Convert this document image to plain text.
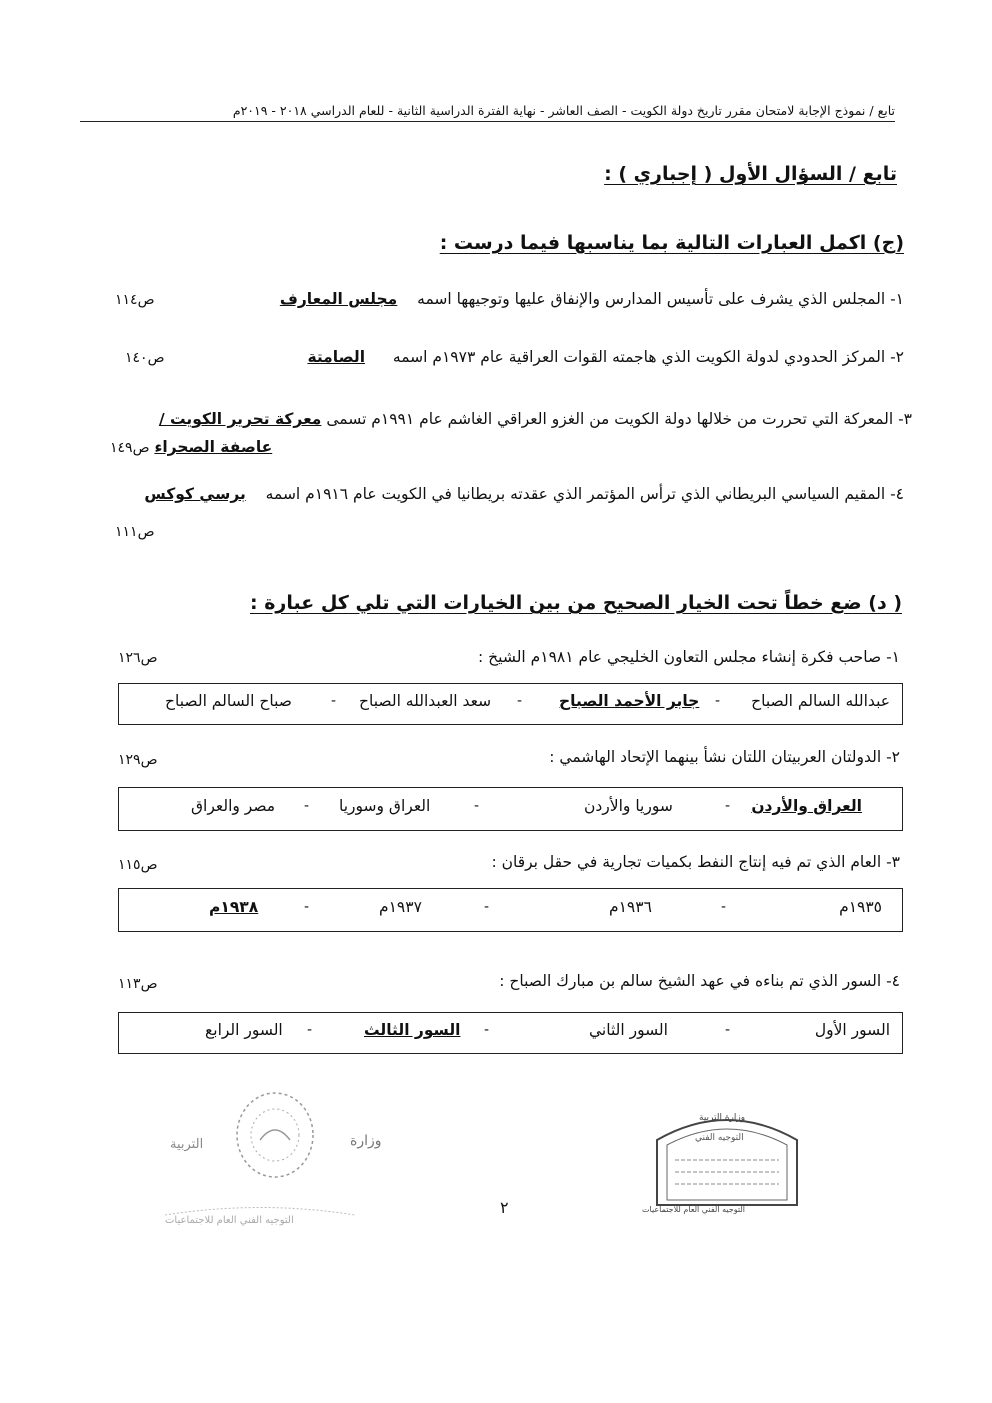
تابع / نموذج الإجابة لامتحان مقرر تاريخ دولة الكويت - الصف العاشر - نهاية الفترة الدراسية الثانية - للعام الدراسي ٢٠١٨ - ٢٠١٩م
تابع / السؤال الأول ( إجباري ) :
(ج) اكمل العبارات التالية بما يناسبها فيما درست :
١- المجلس الذي يشرف على تأسيس المدارس والإنفاق عليها وتوجيهها اسمه  مجلس المعارف
ص١١٤
٢- المركز الحدودي لدولة الكويت الذي هاجمته القوات العراقية عام ١٩٧٣م اسمه  الصامتة
ص١٤٠
٣- المعركة التي تحررت من خلالها دولة الكويت من الغزو العراقي الغاشم عام ١٩٩١م تسمى معركة تحرير الكويت /
عاصفة الصحراء ص١٤٩
٤- المقيم السياسي البريطاني الذي ترأس المؤتمر الذي عقدته بريطانيا في الكويت عام ١٩١٦م اسمه  برسي كوكس
ص١١١
( د) ضع خطاً تحت الخيار الصحيح من بين الخيارات التي تلي كل عبارة :
١- صاحب فكرة إنشاء مجلس التعاون الخليجي عام ١٩٨١م الشيخ :
ص١٢٦
عبدالله السالم الصباح
-
جابر الأحمد الصباح
-
سعد العبدالله الصباح
-
صباح السالم الصباح
٢- الدولتان العربيتان اللتان نشأ بينهما الإتحاد الهاشمي :
ص١٢٩
العراق والأردن
-
سوريا والأردن
-
العراق وسوريا
-
مصر والعراق
٣- العام الذي تم فيه إنتاج النفط بكميات تجارية في حقل برقان :
ص١١٥
١٩٣٥م
-
١٩٣٦م
-
١٩٣٧م
-
١٩٣٨م
٤- السور الذي تم بناءه في عهد الشيخ سالم بن مبارك الصباح :
ص١١٣
السور الأول
-
السور الثاني
-
السور الثالث
-
السور الرابع
وزارة
التربية
التوجيه الفني العام للاجتماعيات
وزارة التربية
التوجيه الفني
التوجيه الفني العام للاجتماعيات
٢
